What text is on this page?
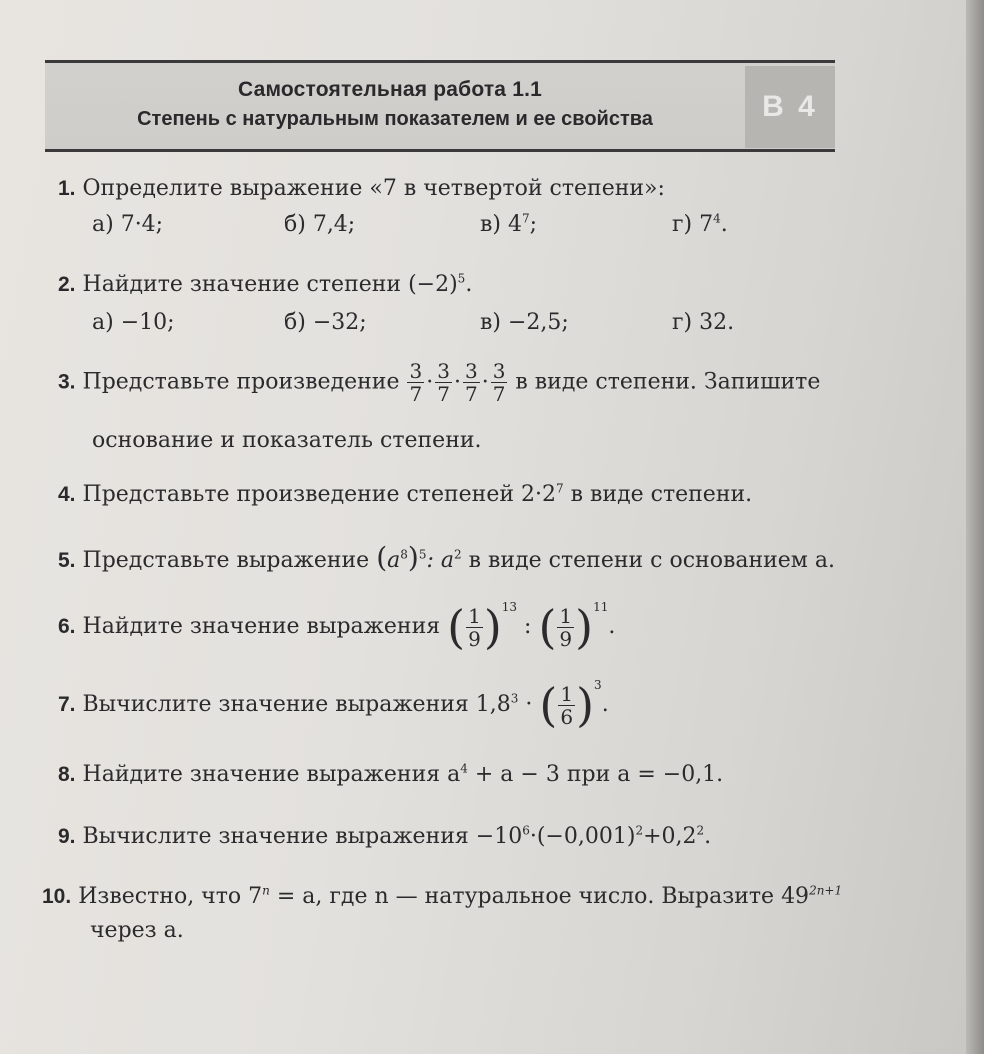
Самостоятельная работа 1.1
Степень с натуральным показателем и ее свойства	В 4
1. Определите выражение «7 в четвертой степени»:
а) 7·4;	б) 7,4;	в) $4^7$;	г) $7^4$.
2. Найдите значение степени $(-2)^5$.
а) −10;	б) −32;	в) −2,5;	г) 32.
3. Представьте произведение $\frac{3}{7} \cdot \frac{3}{7} \cdot \frac{3}{7} \cdot \frac{3}{7}$ в виде степени. Запишите
основание и показатель степени.
4. Представьте произведение степеней $2\cdot 2^7$ в виде степени.
5. Представьте выражение $(a^8)^5$: $a^2$ в виде степени с основанием a.
6. Найдите значение выражения ( $\frac{1}{9} )^{13}$ : ( $\frac{1}{9} )^{11}$.
7. Вычислите значение выражения $1,8^3$ · ( $\frac{1}{6} )^3$.
8. Найдите значение выражения $a^4 + a - 3$ при a = −0,1.
9. Вычислите значение выражения $-10^6\cdot(-0,001)^2+0,2^2$.
10. Известно, что $7^n = a$, где n — натуральное число. Выразите $49^{2n+1}$
через a.
